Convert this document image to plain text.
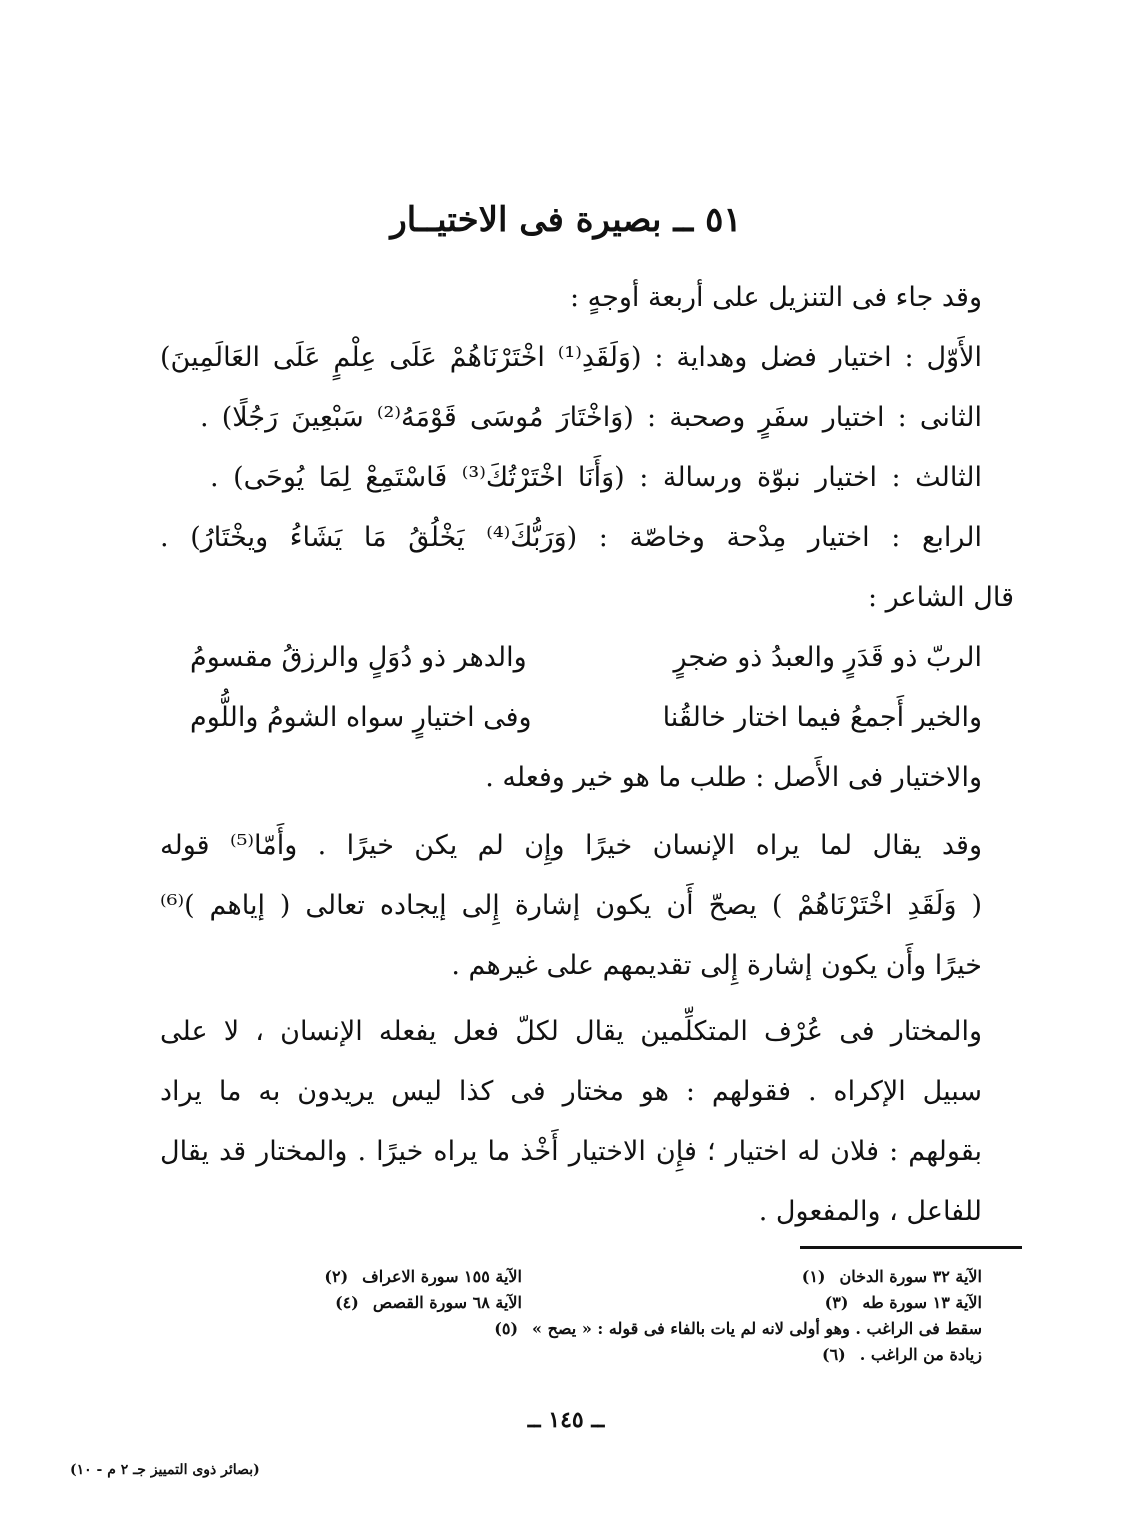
٥١ ــ بصيرة فى الاختيــار
وقد جاء فى التنزيل على أربعة أوجهٍ :
الأَوّل : اختيار فضل وهداية : (وَلَقَدِ⁽¹⁾ اخْتَرْنَاهُمْ عَلَى عِلْمٍ عَلَى العَالَمِينَ)
الثانى : اختيار سفَرٍ وصحبة : (وَاخْتَارَ مُوسَى قَوْمَهُ⁽²⁾ سَبْعِينَ رَجُلًا) .
الثالث : اختيار نبوّة ورسالة : (وَأَنَا اخْتَرْتُكَ⁽³⁾ فَاسْتَمِعْ لِمَا يُوحَى) .
الرابع : اختيار مِدْحة وخاصّة : (وَرَبُّكَ⁽⁴⁾ يَخْلُقُ مَا يَشَاءُ ويخْتَارُ) .
قال الشاعر :
الربّ ذو قَدَرٍ والعبدُ ذو ضجرٍ
والدهر ذو دُوَلٍ والرزقُ مقسومُ
والخير أَجمعُ فيما اختار خالقُنا
وفى اختيارٍ سواه الشومُ واللُّوم
والاختيار فى الأَصل : طلب ما هو خير وفعله .
وقد يقال لما يراه الإنسان خيرًا وإِن لم يكن خيرًا . وأَمّا⁽⁵⁾ قوله
( وَلَقَدِ اخْتَرْنَاهُمْ ) يصحّ أَن يكون إشارة إِلى إيجاده تعالى ( إياهم )⁽⁶⁾
خيرًا وأَن يكون إشارة إِلى تقديمهم على غيرهم .
والمختار فى عُرْف المتكلِّمين يقال لكلّ فعل يفعله الإنسان ، لا على
سبيل الإكراه . فقولهم : هو مختار فى كذا ليس يريدون به ما يراد
بقولهم : فلان له اختيار ؛ فإِن الاختيار أَخْذ ما يراه خيرًا . والمختار قد يقال
للفاعل ، والمفعول .
(١) الآية ٣٢ سورة الدخان
(٢) الآية ١٥٥ سورة الاعراف
(٣) الآية ١٣ سورة طه
(٤) الآية ٦٨ سورة القصص
(٥) سقط فى الراغب . وهو أولى لانه لم يات بالفاء فى قوله : « يصح »
(٦) زيادة من الراغب .
ــ ١٤٥ ــ
(بصائر ذوى التمييز جـ ٢ م - ١٠)
